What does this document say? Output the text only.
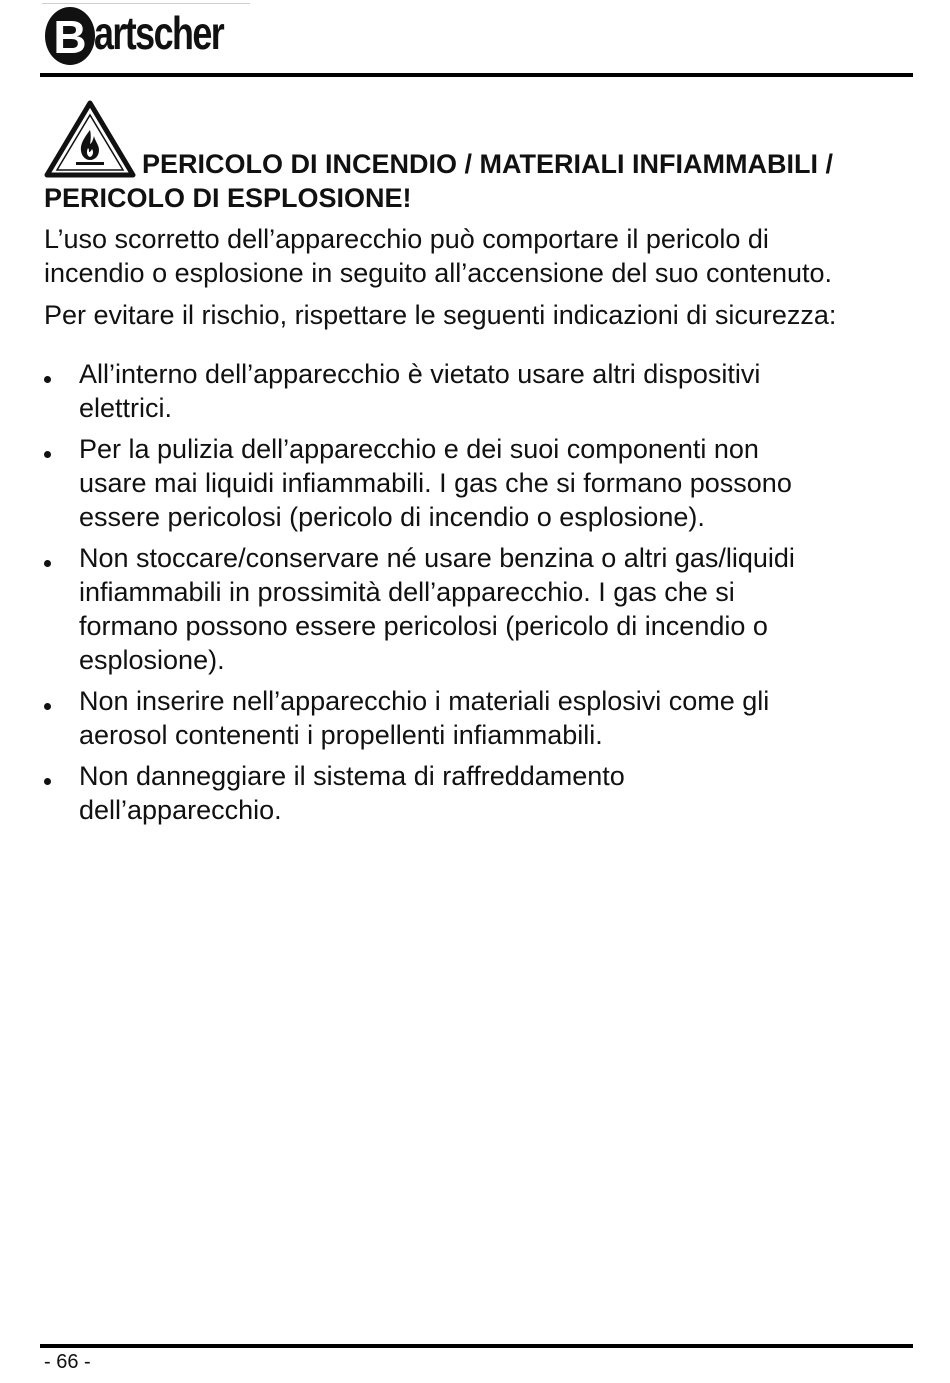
B artscher
PERICOLO DI INCENDIO / MATERIALI INFIAMMABILI /
PERICOLO DI ESPLOSIONE!

L’uso scorretto dell’apparecchio può comportare il pericolo di
incendio o esplosione in seguito all’accensione del suo contenuto.

Per evitare il rischio, rispettare le seguenti indicazioni di sicurezza:

All’interno dell’apparecchio è vietato usare altri dispositivi
elettrici.
Per la pulizia dell’apparecchio e dei suoi componenti non
usare mai liquidi infiammabili. I gas che si formano possono
essere pericolosi (pericolo di incendio o esplosione).
Non stoccare/conservare né usare benzina o altri gas/liquidi
infiammabili in prossimità dell’apparecchio. I gas che si
formano possono essere pericolosi (pericolo di incendio o
esplosione).
Non inserire nell’apparecchio i materiali esplosivi come gli
aerosol contenenti i propellenti infiammabili.
Non danneggiare il sistema di raffreddamento
dell’apparecchio.
- 66 -
